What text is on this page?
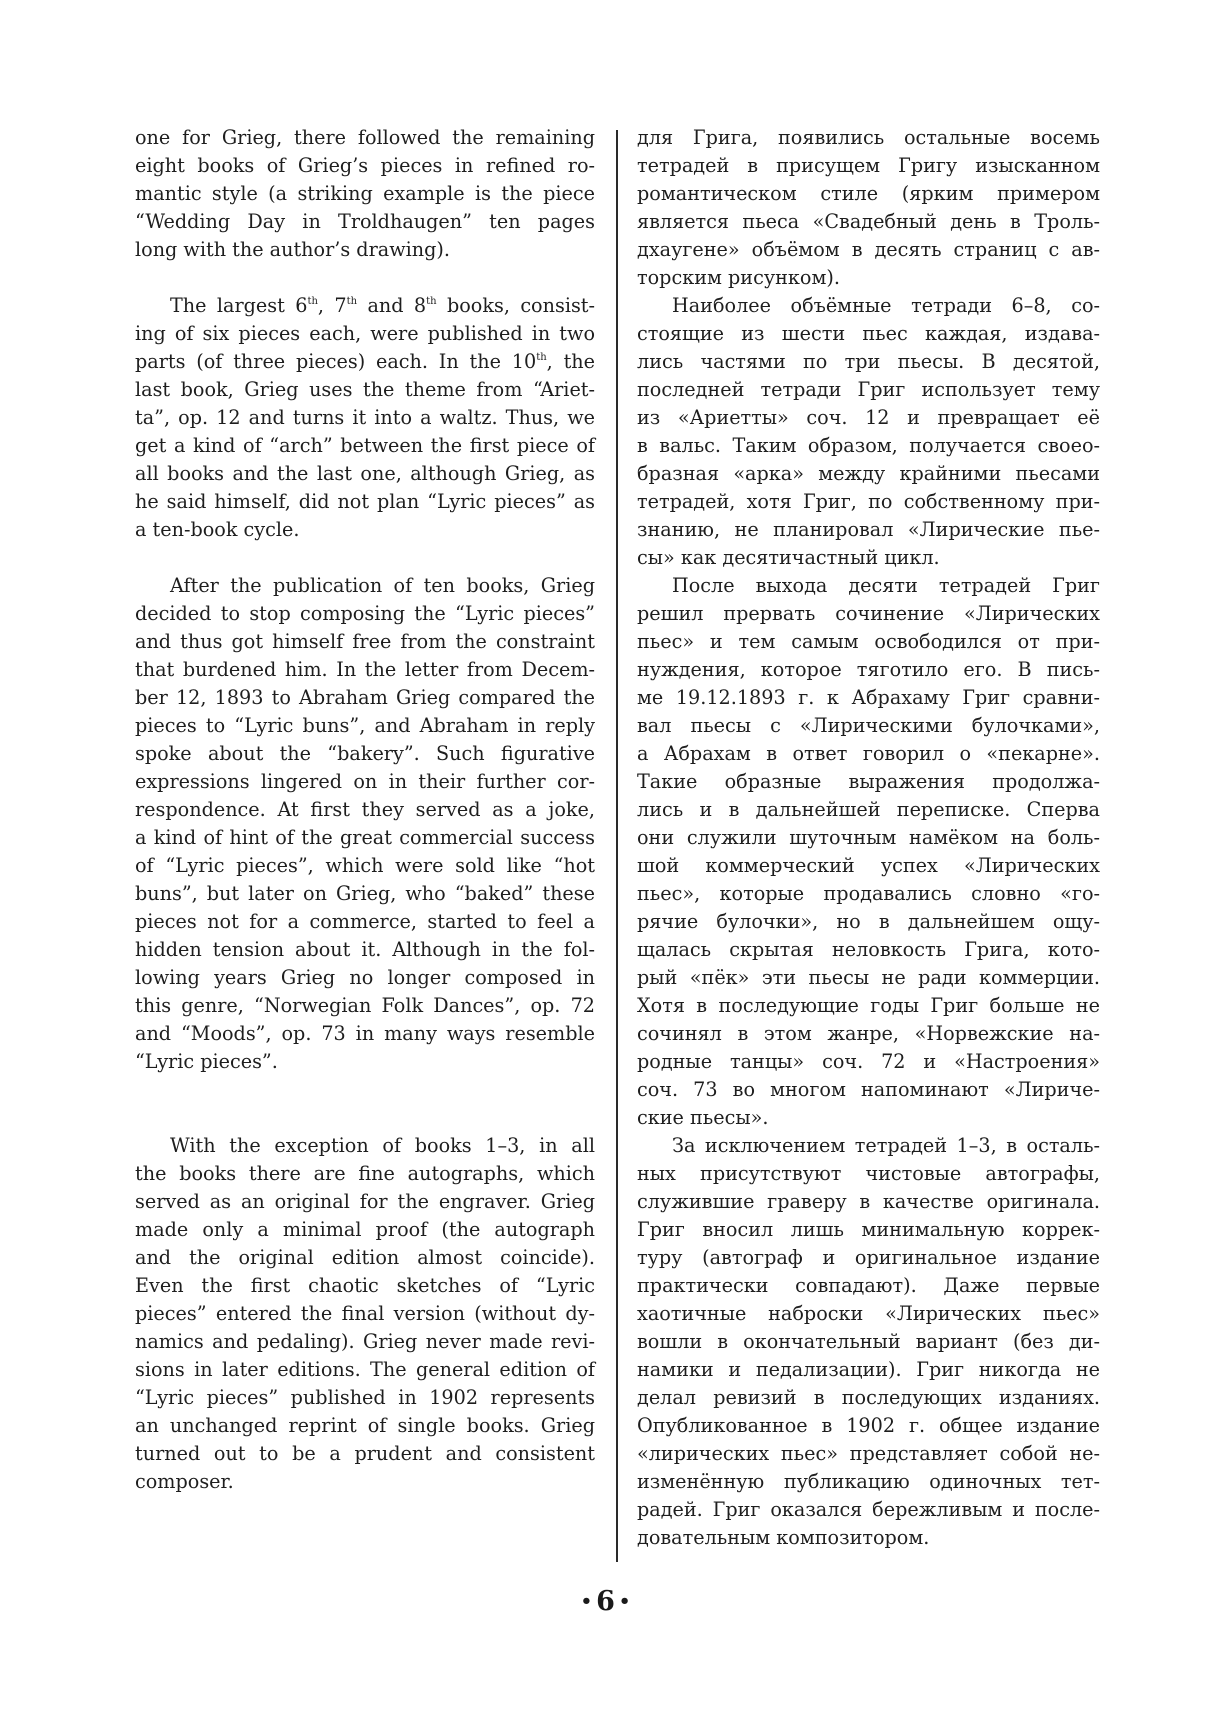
one for Grieg, there followed the remaining
eight books of Grieg’s pieces in refined ro-
mantic style (a striking example is the piece
“Wedding Day in Troldhaugen” ten pages
long with the author’s drawing).

The largest 6th, 7th and 8th books, consist-
ing of six pieces each, were published in two
parts (of three pieces) each. In the 10th, the
last book, Grieg uses the theme from “Ariet-
ta”, op. 12 and turns it into a waltz. Thus, we
get a kind of “arch” between the first piece of
all books and the last one, although Grieg, as
he said himself, did not plan “Lyric pieces” as
a ten-book cycle.

After the publication of ten books, Grieg
decided to stop composing the “Lyric pieces”
and thus got himself free from the constraint
that burdened him. In the letter from Decem-
ber 12, 1893 to Abraham Grieg compared the
pieces to “Lyric buns”, and Abraham in reply
spoke about the “bakery”. Such figurative
expressions lingered on in their further cor-
respondence. At first they served as a joke,
a kind of hint of the great commercial success
of “Lyric pieces”, which were sold like “hot
buns”, but later on Grieg, who “baked” these
pieces not for a commerce, started to feel a
hidden tension about it. Although in the fol-
lowing years Grieg no longer composed in
this genre, “Norwegian Folk Dances”, op. 72
and “Moods”, op. 73 in many ways resemble
“Lyric pieces”.

With the exception of books 1–3, in all
the books there are fine autographs, which
served as an original for the engraver. Grieg
made only a minimal proof (the autograph
and the original edition almost coincide).
Even the first chaotic sketches of “Lyric
pieces” entered the final version (without dy-
namics and pedaling). Grieg never made revi-
sions in later editions. The general edition of
“Lyric pieces” published in 1902 represents
an unchanged reprint of single books. Grieg
turned out to be a prudent and consistent
composer.

для Грига, появились остальные восемь
тетрадей в присущем Григу изысканном
романтическом стиле (ярким примером
является пьеса «Свадебный день в Троль-
дхаугене» объёмом в десять страниц с ав-
торским рисунком).

Наиболее объёмные тетради 6–8, со-
стоящие из шести пьес каждая, издава-
лись частями по три пьесы. В десятой,
последней тетради Григ использует тему
из «Ариетты» соч. 12 и превращает её
в вальс. Таким образом, получается своео-
бразная «арка» между крайними пьесами
тетрадей, хотя Григ, по собственному при-
знанию, не планировал «Лирические пье-
сы» как десятичастный цикл.

После выхода десяти тетрадей Григ
решил прервать сочинение «Лирических
пьес» и тем самым освободился от при-
нуждения, которое тяготило его. В пись-
ме 19.12.1893 г. к Абрахаму Григ сравни-
вал пьесы с «Лирическими булочками»,
а Абрахам в ответ говорил о «пекарне».
Такие образные выражения продолжа-
лись и в дальнейшей переписке. Сперва
они служили шуточным намёком на боль-
шой коммерческий успех «Лирических
пьес», которые продавались словно «го-
рячие булочки», но в дальнейшем ощу-
щалась скрытая неловкость Грига, кото-
рый «пёк» эти пьесы не ради коммерции.
Хотя в последующие годы Григ больше не
сочинял в этом жанре, «Норвежские на-
родные танцы» соч. 72 и «Настроения»
соч. 73 во многом напоминают «Лириче-
ские пьесы».

За исключением тетрадей 1–3, в осталь-
ных присутствуют чистовые автографы,
служившие граверу в качестве оригинала.
Григ вносил лишь минимальную коррек-
туру (автограф и оригинальное издание
практически совпадают). Даже первые
хаотичные наброски «Лирических пьес»
вошли в окончательный вариант (без ди-
намики и педализации). Григ никогда не
делал ревизий в последующих изданиях.
Опубликованное в 1902 г. общее издание
«лирических пьес» представляет собой не-
изменённую публикацию одиночных тет-
радей. Григ оказался бережливым и после-
довательным композитором.

• 6 •
